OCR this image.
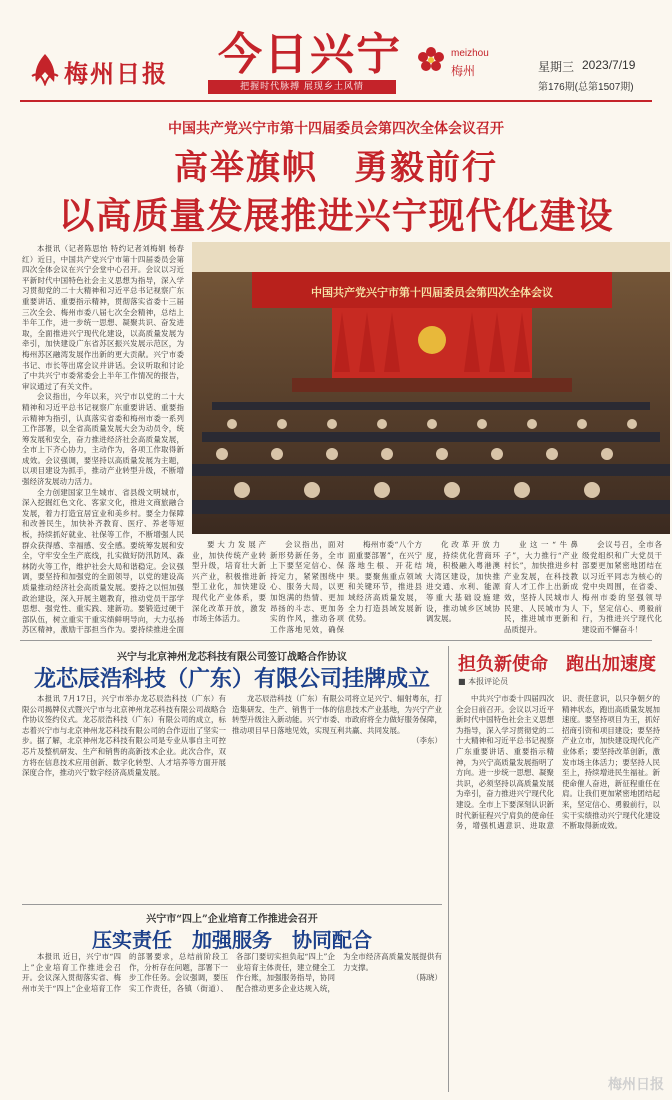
梅州日报 今日兴宁
把握时代脉搏 展现乡土风情
meizhou
梅州	星期三 2023/7/19
第176期(总第1507期)
中国共产党兴宁市第十四届委员会第四次全体会议召开
高举旗帜　勇毅前行
以高质量发展推进兴宁现代化建设

本报讯（记者陈思怡 特约记者刘梅娟 杨春红）近日，中国共产党兴宁市第十四届委员会第四次全体会议在兴宁会堂中心召开。会议以习近平新时代中国特色社会主义思想为指导，深入学习贯彻党的二十大精神和习近平总书记视察广东重要讲话、重要指示精神，贯彻落实省委十三届三次全会、梅州市委八届七次全会精神，总结上半年工作，进一步统一思想、凝聚共识、奋发进取，全面推进兴宁现代化建设，以高质量发展为牵引，加快建设广东省苏区振兴发展示范区，为梅州苏区融湾发展作出新的更大贡献。兴宁市委书记、市长等出席会议并讲话。会议听取和讨论了中共兴宁市委常委会上半年工作情况的报告，审议通过了有关文件。

会议指出，今年以来，兴宁市以党的二十大精神和习近平总书记视察广东重要讲话、重要指示精神为指引，认真落实省委和梅州市委一系列工作部署，以全省高质量发展大会为动员令，统筹发展和安全，奋力推进经济社会高质量发展，全市上下齐心协力，主动作为，各项工作取得新成效。会议强调，要坚持以高质量发展为主题，以项目建设为抓手，推动产业转型升级，不断增强经济发展动力活力。

全力创建国家卫生城市、省县级文明城市，深入挖掘红色文化、客家文化，推进文商旅融合发展，着力打造宜居宜业和美乡村。要全力保障和改善民生，加快补齐教育、医疗、养老等短板，持续抓好就业、社保等工作，不断增强人民群众获得感、幸福感、安全感。要统筹发展和安全，守牢安全生产底线，扎实做好防汛防风、森林防火等工作，维护社会大局和谐稳定。会议强调，要坚持和加强党的全面领导，以党的建设高质量推动经济社会高质量发展。要持之以恒加强政治建设，深入开展主题教育，推动党员干部学思想、强党性、重实践、建新功。要锻造过硬干部队伍，树立重实干重实绩鲜明导向，大力弘扬苏区精神，激励干部担当作为。要持续推进全面

中国共产党兴宁市第十四届委员会第四次全体会议

要大力发展产业，加快传统产业转型升级，培育壮大新兴产业，积极推进新型工业化，加快建设现代化产业体系，要深化改革开放，激发市场主体活力。

会议指出，面对新形势新任务，全市上下要坚定信心、保持定力，紧紧围绕中心、服务大局，以更加饱满的热情、更加昂扬的斗志、更加务实的作风，推动各项工作落地见效，确保

梅州市委“八个方面重要部署”，在兴宁落地生根、开花结果。要聚焦重点领域和关键环节，推进县域经济高质量发展，全力打造县域发展新优势。

化改革开放力度，持续优化营商环境，积极融入粤港澳大湾区建设，加快推进交通、水利、能源等重大基础设施建设，推动城乡区域协调发展。

业这一“牛鼻子”，大力推行“产业村长”，加快推进乡村产业发展，在科技教育人才工作上出新成效，坚持人民城市人民建、人民城市为人民，推进城市更新和品质提升。

会议号召，全市各级党组织和广大党员干部要更加紧密地团结在以习近平同志为核心的党中央周围，在省委、梅州市委的坚强领导下，坚定信心、勇毅前行，为推进兴宁现代化建设而不懈奋斗！

兴宁与北京神州龙芯科技有限公司签订战略合作协议
龙芯辰浩科技（广东）有限公司挂牌成立

本报讯 7月17日，兴宁市举办龙芯辰浩科技（广东）有限公司揭牌仪式暨兴宁市与北京神州龙芯科技有限公司战略合作协议签约仪式。龙芯辰浩科技（广东）有限公司的成立，标志着兴宁市与北京神州龙芯科技有限公司的合作迈出了坚实一步。据了解，北京神州龙芯科技有限公司是专业从事自主可控芯片及整机研发、生产和销售的高新技术企业。此次合作，双方将在信息技术应用创新、数字化转型、人才培养等方面开展深度合作，推动兴宁数字经济高质量发展。

龙芯辰浩科技（广东）有限公司将立足兴宁、辐射粤东，打造集研发、生产、销售于一体的信息技术产业基地，为兴宁产业转型升级注入新动能。兴宁市委、市政府将全力做好服务保障，推动项目早日落地见效，实现互利共赢、共同发展。

（李东）

兴宁市“四上”企业培育工作推进会召开
压实责任　加强服务　协同配合

本报讯 近日，兴宁市“四上”企业培育工作推进会召开。会议深入贯彻落实省、梅州市关于“四上”企业培育工作的部署要求，总结前阶段工作，分析存在问题，部署下一步工作任务。会议强调，要压实工作责任，各镇（街道）、各部门要切实担负起“四上”企业培育主体责任，建立健全工作台账，加强服务指导，协同配合推动更多企业达规入统，为全市经济高质量发展提供有力支撑。

（陈晓）

担负新使命　跑出加速度
■ 本报评论员

中共兴宁市委十四届四次全会日前召开。会议以习近平新时代中国特色社会主义思想为指导，深入学习贯彻党的二十大精神和习近平总书记视察广东重要讲话、重要指示精神，为兴宁高质量发展指明了方向。进一步统一思想、凝聚共识，必须坚持以高质量发展为牵引，奋力推进兴宁现代化建设。全市上下要深刻认识新时代新征程兴宁肩负的使命任务，增强机遇意识、进取意识、责任意识，以只争朝夕的精神状态，跑出高质量发展加速度。要坚持项目为王，抓好招商引资和项目建设；要坚持产业立市，加快建设现代化产业体系；要坚持改革创新，激发市场主体活力；要坚持人民至上，持续增进民生福祉。新使命催人奋进，新征程重任在肩。让我们更加紧密地团结起来，坚定信心、勇毅前行，以实干实绩推动兴宁现代化建设不断取得新成效。

梅州日报
